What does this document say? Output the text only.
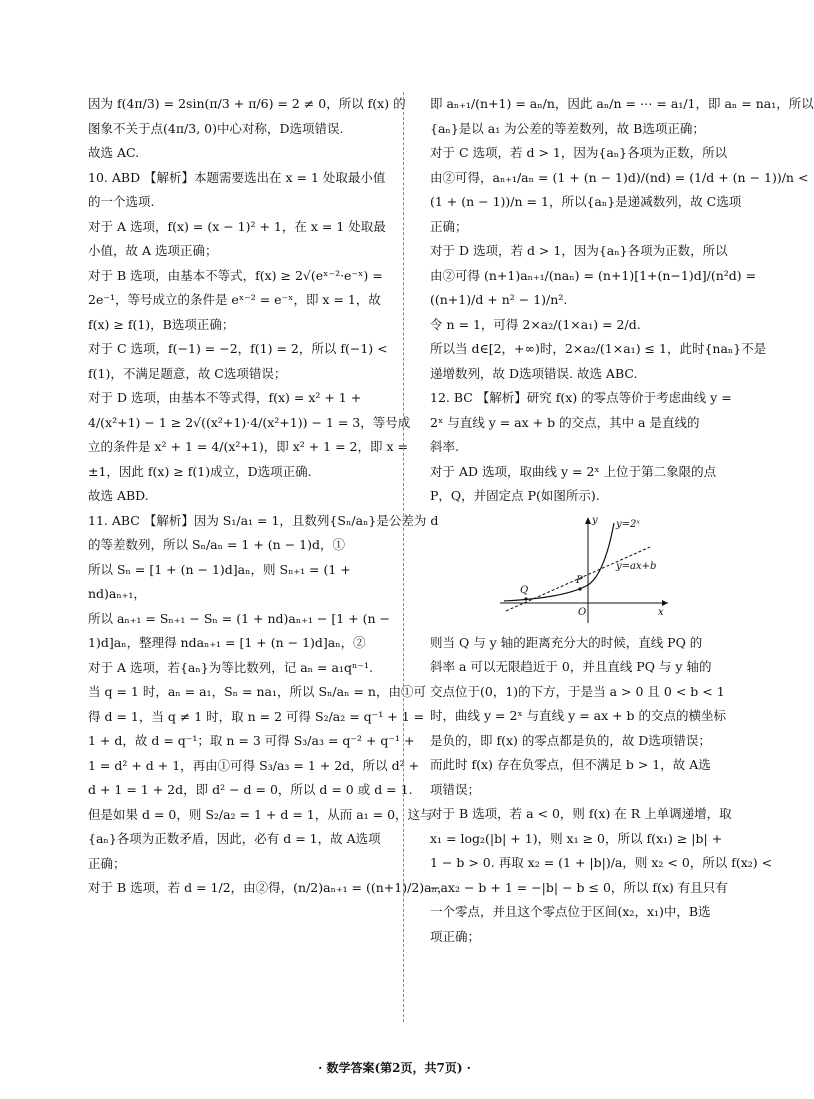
因为 f(4π/3) = 2sin(π/3 + π/6) = 2 ≠ 0，所以 f(x) 的
图象不关于点(4π/3, 0)中心对称，D选项错误.
故选 AC.
10. ABD 【解析】本题需要选出在 x = 1 处取最小值
的一个选项.
对于 A 选项，f(x) = (x − 1)² + 1，在 x = 1 处取最
小值，故 A 选项正确；
对于 B 选项，由基本不等式，f(x) ≥ 2√(eˣ⁻²·e⁻ˣ) =
2e⁻¹，等号成立的条件是 eˣ⁻² = e⁻ˣ，即 x = 1，故
f(x) ≥ f(1)，B选项正确；
对于 C 选项，f(−1) = −2，f(1) = 2，所以 f(−1) <
f(1)，不满足题意，故 C选项错误；
对于 D 选项，由基本不等式得，f(x) = x² + 1 +
4/(x²+1) − 1 ≥ 2√((x²+1)·4/(x²+1)) − 1 = 3，等号成
立的条件是 x² + 1 = 4/(x²+1)，即 x² + 1 = 2，即 x =
±1，因此 f(x) ≥ f(1)成立，D选项正确.
故选 ABD.
11. ABC 【解析】因为 S₁/a₁ = 1，且数列{Sₙ/aₙ}是公差为 d
的等差数列，所以 Sₙ/aₙ = 1 + (n − 1)d，①
所以 Sₙ = [1 + (n − 1)d]aₙ，则 Sₙ₊₁ = (1 +
nd)aₙ₊₁，
所以 aₙ₊₁ = Sₙ₊₁ − Sₙ = (1 + nd)aₙ₊₁ − [1 + (n −
1)d]aₙ，整理得 ndaₙ₊₁ = [1 + (n − 1)d]aₙ，②
对于 A 选项，若{aₙ}为等比数列，记 aₙ = a₁qⁿ⁻¹.
当 q = 1 时，aₙ = a₁，Sₙ = na₁，所以 Sₙ/aₙ = n，由①可
得 d = 1，当 q ≠ 1 时，取 n = 2 可得 S₂/a₂ = q⁻¹ + 1 =
1 + d，故 d = q⁻¹；取 n = 3 可得 S₃/a₃ = q⁻² + q⁻¹ +
1 = d² + d + 1，再由①可得 S₃/a₃ = 1 + 2d，所以 d² +
d + 1 = 1 + 2d，即 d² − d = 0，所以 d = 0 或 d = 1.
但是如果 d = 0，则 S₂/a₂ = 1 + d = 1，从而 a₁ = 0，这与
{aₙ}各项为正数矛盾，因此，必有 d = 1，故 A选项
正确；
对于 B 选项，若 d = 1/2，由②得，(n/2)aₙ₊₁ = ((n+1)/2)aₙ，
即 aₙ₊₁/(n+1) = aₙ/n，因此 aₙ/n = ⋯ = a₁/1，即 aₙ = na₁，所以
{aₙ}是以 a₁ 为公差的等差数列，故 B选项正确；
对于 C 选项，若 d > 1，因为{aₙ}各项为正数，所以
由②可得，aₙ₊₁/aₙ = (1 + (n − 1)d)/(nd) = (1/d + (n − 1))/n <
(1 + (n − 1))/n = 1，所以{aₙ}是递减数列，故 C选项
正确；
对于 D 选项，若 d > 1，因为{aₙ}各项为正数，所以
由②可得 (n+1)aₙ₊₁/(naₙ) = (n+1)[1+(n−1)d]/(n²d) =
((n+1)/d + n² − 1)/n².
令 n = 1，可得 2×a₂/(1×a₁) = 2/d.
所以当 d∈[2，+∞)时，2×a₂/(1×a₁) ≤ 1，此时{naₙ}不是
递增数列，故 D选项错误. 故选 ABC.
12. BC 【解析】研究 f(x) 的零点等价于考虑曲线 y =
2ˣ 与直线 y = ax + b 的交点，其中 a 是直线的
斜率.
对于 AD 选项，取曲线 y = 2ˣ 上位于第二象限的点
P，Q，并固定点 P(如图所示).
y
x
O
y=2ˣ
y=ax+b
P
Q
则当 Q 与 y 轴的距离充分大的时候，直线 PQ 的
斜率 a 可以无限趋近于 0，并且直线 PQ 与 y 轴的
交点位于(0，1)的下方，于是当 a > 0 且 0 < b < 1
时，曲线 y = 2ˣ 与直线 y = ax + b 的交点的横坐标
是负的，即 f(x) 的零点都是负的，故 D选项错误；
而此时 f(x) 存在负零点，但不满足 b > 1，故 A选
项错误；
对于 B 选项，若 a < 0，则 f(x) 在 R 上单调递增，取
x₁ = log₂(|b| + 1)，则 x₁ ≥ 0，所以 f(x₁) ≥ |b| +
1 − b > 0. 再取 x₂ = (1 + |b|)/a，则 x₂ < 0，所以 f(x₂) <
−ax₂ − b + 1 = −|b| − b ≤ 0，所以 f(x) 有且只有
一个零点，并且这个零点位于区间(x₂，x₁)中，B选
项正确；
· 数学答案(第2页，共7页) ·
